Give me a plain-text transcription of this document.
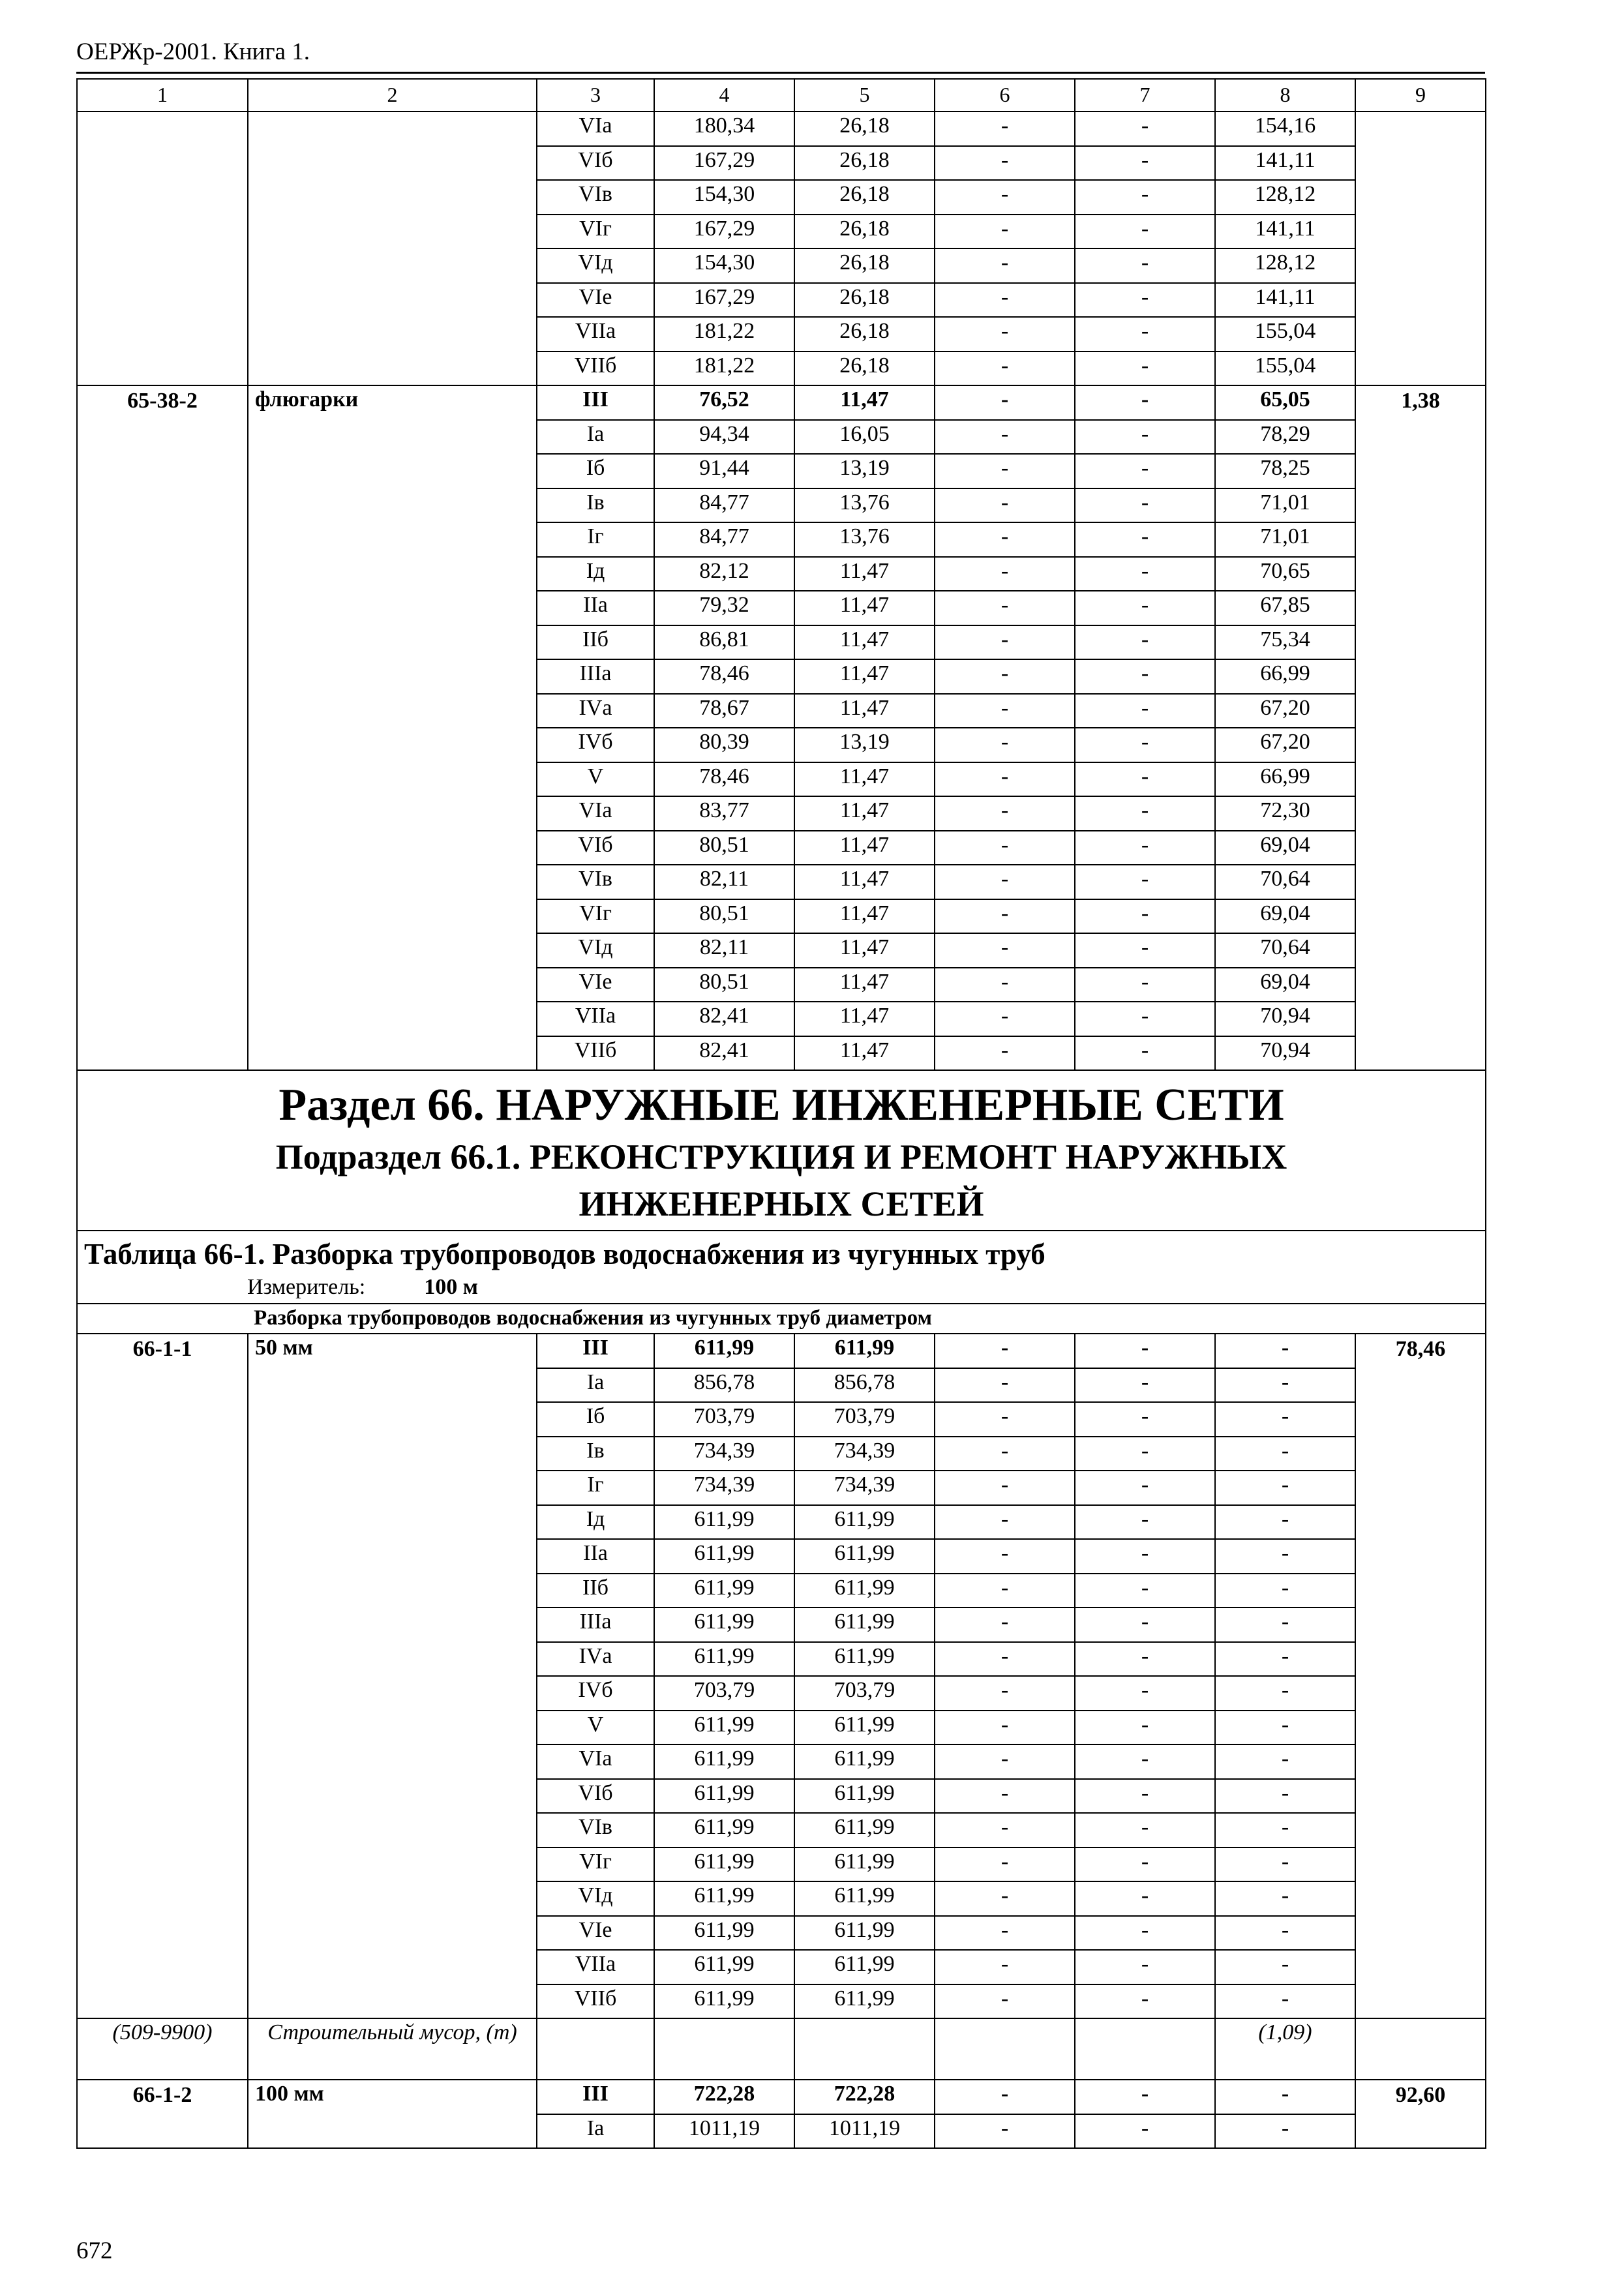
ОЕРЖр-2001. Книга 1.
1	2	3	4	5	6	7	8	9
		VIа	180,34	26,18	-	-	154,16	
		VIб	167,29	26,18	-	-	141,11	
		VIв	154,30	26,18	-	-	128,12	
		VIг	167,29	26,18	-	-	141,11	
		VIд	154,30	26,18	-	-	128,12	
		VIе	167,29	26,18	-	-	141,11	
		VIIа	181,22	26,18	-	-	155,04	
		VIIб	181,22	26,18	-	-	155,04	
65-38-2	флюгарки	III	76,52	11,47	-	-	65,05	1,38
		Iа	94,34	16,05	-	-	78,29	
		Iб	91,44	13,19	-	-	78,25	
		Iв	84,77	13,76	-	-	71,01	
		Iг	84,77	13,76	-	-	71,01	
		Iд	82,12	11,47	-	-	70,65	
		IIа	79,32	11,47	-	-	67,85	
		IIб	86,81	11,47	-	-	75,34	
		IIIа	78,46	11,47	-	-	66,99	
		IVа	78,67	11,47	-	-	67,20	
		IVб	80,39	13,19	-	-	67,20	
		V	78,46	11,47	-	-	66,99	
		VIа	83,77	11,47	-	-	72,30	
		VIб	80,51	11,47	-	-	69,04	
		VIв	82,11	11,47	-	-	70,64	
		VIг	80,51	11,47	-	-	69,04	
		VIд	82,11	11,47	-	-	70,64	
		VIе	80,51	11,47	-	-	69,04	
		VIIа	82,41	11,47	-	-	70,94	
		VIIб	82,41	11,47	-	-	70,94	

Раздел 66. НАРУЖНЫЕ ИНЖЕНЕРНЫЕ СЕТИ
Подраздел 66.1. РЕКОНСТРУКЦИЯ И РЕМОНТ НАРУЖНЫХ
ИНЖЕНЕРНЫХ СЕТЕЙ								

Таблица 66-1. Разборка трубопроводов водоснабжения из чугунных труб
Измеритель: 100 м								

Разборка трубопроводов водоснабжения из чугунных труб диаметром								
66-1-1	50 мм	III	611,99	611,99	-	-	-	78,46
		Iа	856,78	856,78	-	-	-	
		Iб	703,79	703,79	-	-	-	
		Iв	734,39	734,39	-	-	-	
		Iг	734,39	734,39	-	-	-	
		Iд	611,99	611,99	-	-	-	
		IIа	611,99	611,99	-	-	-	
		IIб	611,99	611,99	-	-	-	
		IIIа	611,99	611,99	-	-	-	
		IVа	611,99	611,99	-	-	-	
		IVб	703,79	703,79	-	-	-	
		V	611,99	611,99	-	-	-	
		VIа	611,99	611,99	-	-	-	
		VIб	611,99	611,99	-	-	-	
		VIв	611,99	611,99	-	-	-	
		VIг	611,99	611,99	-	-	-	
		VIд	611,99	611,99	-	-	-	
		VIе	611,99	611,99	-	-	-	
		VIIа	611,99	611,99	-	-	-	
		VIIб	611,99	611,99	-	-	-	
(509-9900)	Строительный мусор, (т)						(1,09)	
66-1-2	100 мм	III	722,28	722,28	-	-	-	92,60
		Iа	1011,19	1011,19	-	-	-	
672
